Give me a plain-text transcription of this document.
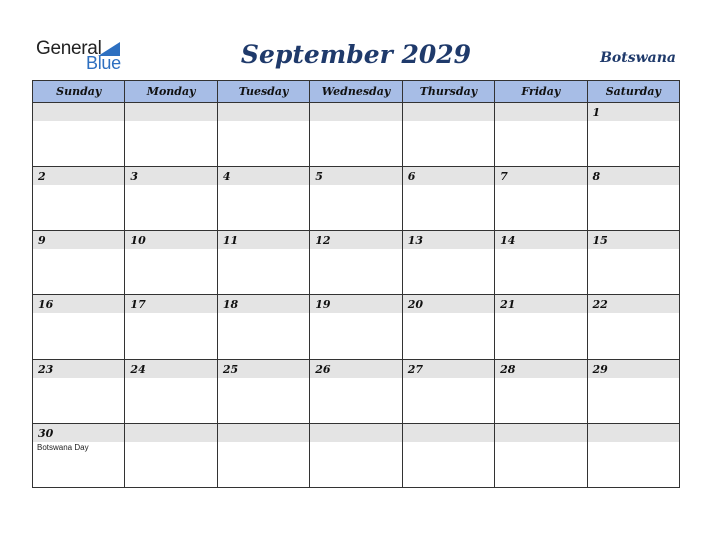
General
Blue	September 2029	Botswana
Sunday	Monday	Tuesday	Wednesday	Thursday	Friday	Saturday

						1

2	3	4	5	6	7	8

9	10	11	12	13	14	15

16	17	18	19	20	21	22

23	24	25	26	27	28	29

30
Botswana Day						
